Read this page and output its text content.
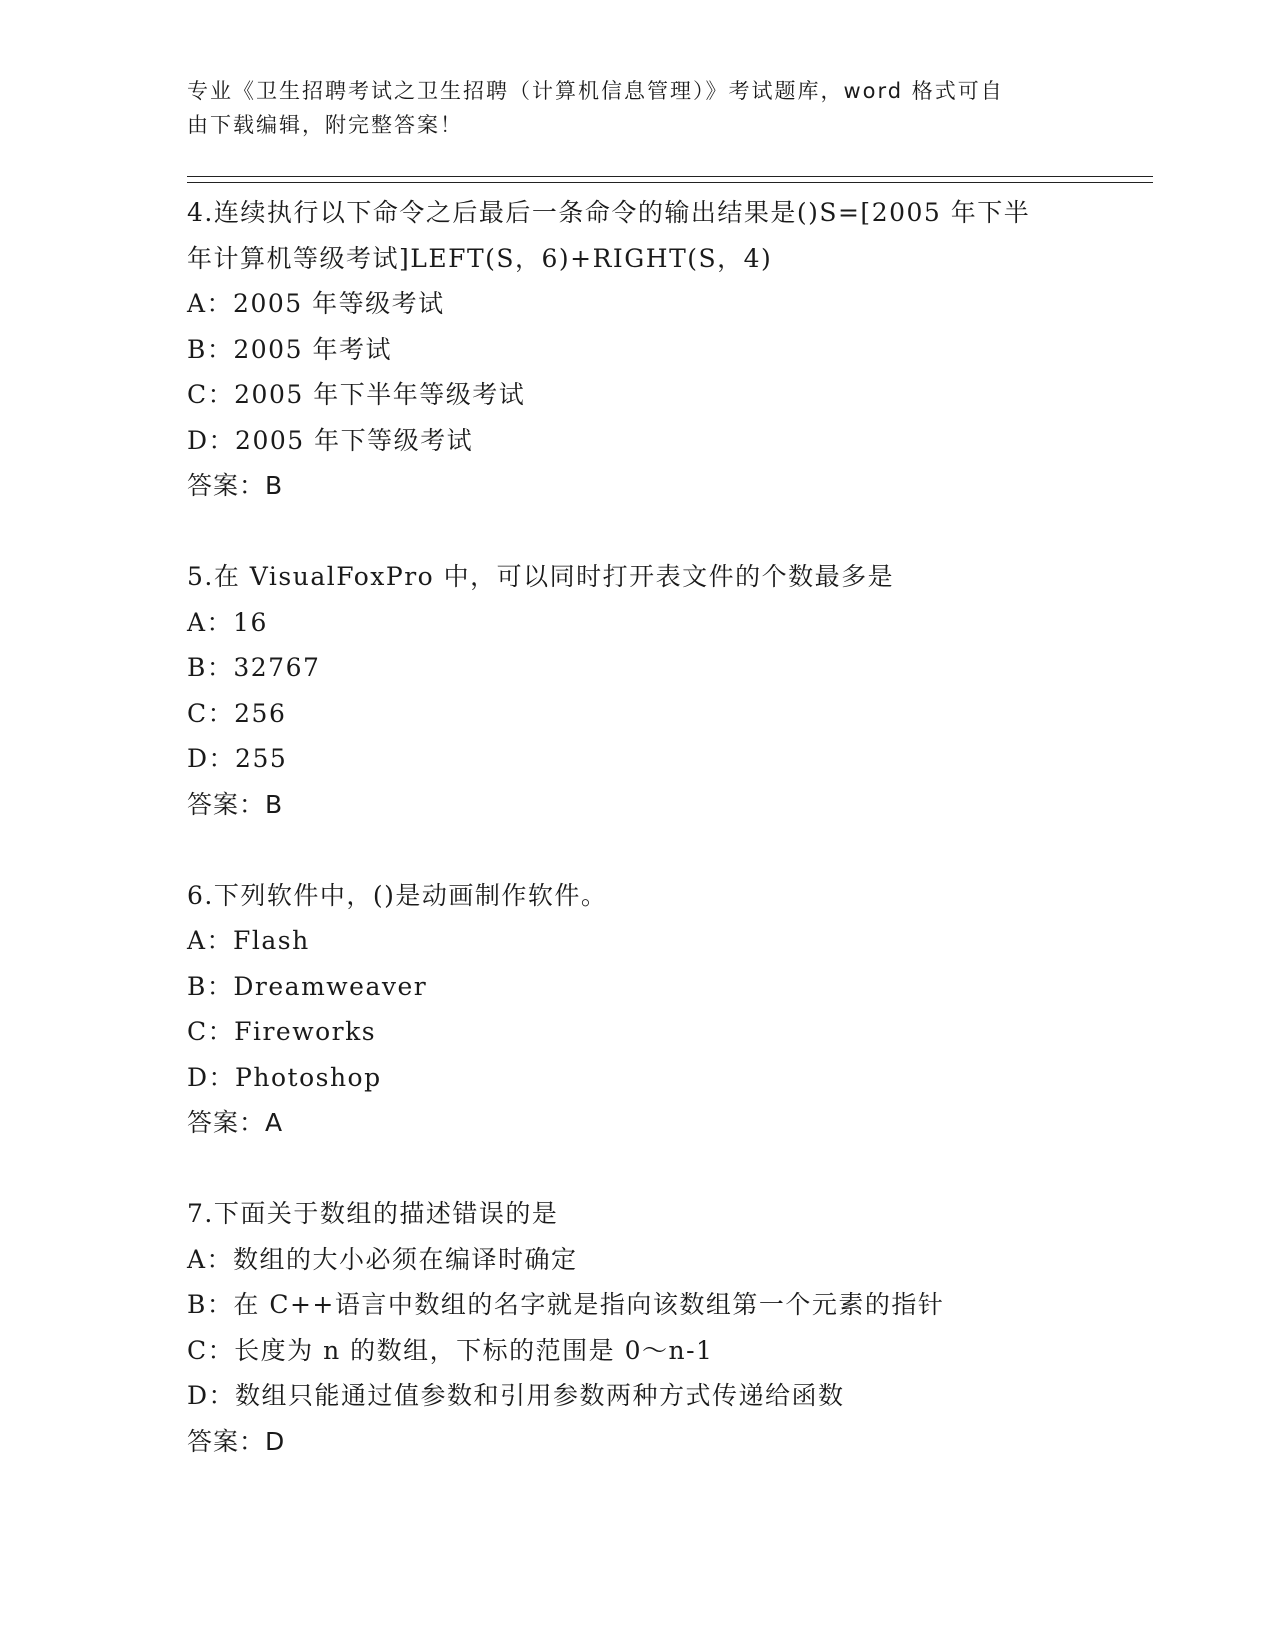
专业《卫生招聘考试之卫生招聘（计算机信息管理）》考试题库，word 格式可自
由下载编辑，附完整答案！
4.连续执行以下命令之后最后一条命令的输出结果是()S=[2005 年下半
年计算机等级考试]LEFT(S，6)+RIGHT(S，4)
A：2005 年等级考试
B：2005 年考试
C：2005 年下半年等级考试
D：2005 年下等级考试
答案：B
5.在 VisualFoxPro 中，可以同时打开表文件的个数最多是
A：16
B：32767
C：256
D：255
答案：B
6.下列软件中，()是动画制作软件。
A：Flash
B：Dreamweaver
C：Fireworks
D：Photoshop
答案：A
7.下面关于数组的描述错误的是
A：数组的大小必须在编译时确定
B：在 C++语言中数组的名字就是指向该数组第一个元素的指针
C：长度为 n 的数组，下标的范围是 0～n-1
D：数组只能通过值参数和引用参数两种方式传递给函数
答案：D
